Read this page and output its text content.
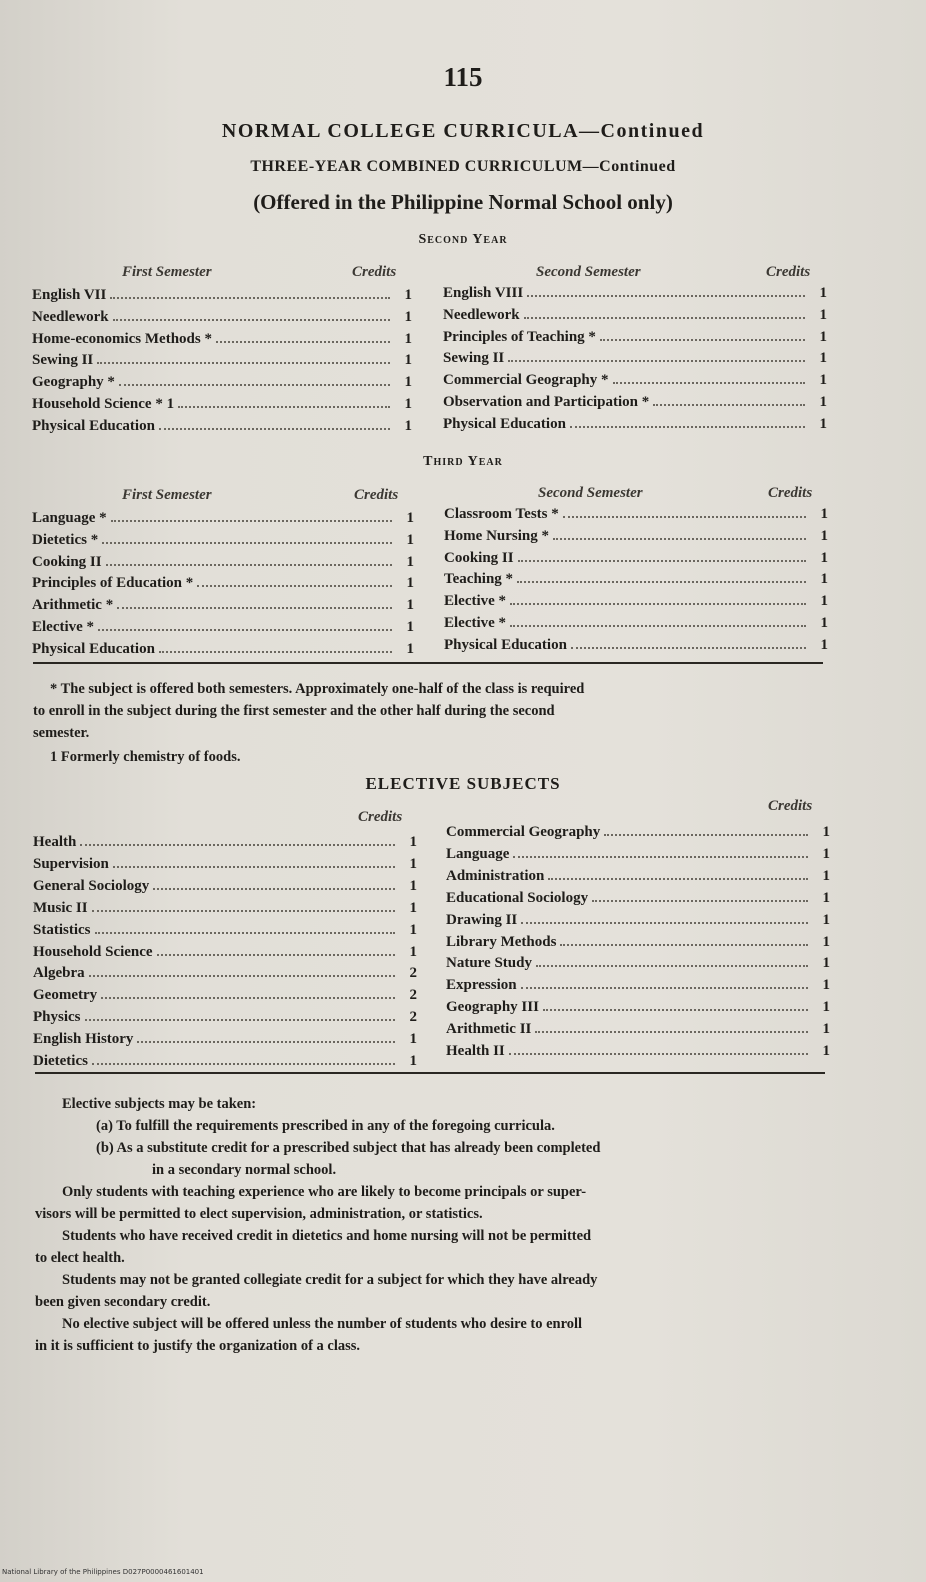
115
NORMAL COLLEGE CURRICULA—Continued
THREE-YEAR COMBINED CURRICULUM—Continued
(Offered in the Philippine Normal School only)
Second Year
First Semester	Credits	Second Semester	Credits
English VII	1
Needlework	1
Home-economics Methods *	1
Sewing II	1
Geography *	1
Household Science * 1	1
Physical Education	1
English VIII	1
Needlework	1
Principles of Teaching *	1
Sewing II	1
Commercial Geography *	1
Observation and Participation *	1
Physical Education	1
Third Year
First Semester	Credits	Second Semester	Credits
Language *	1
Dietetics *	1
Cooking II	1
Principles of Education *	1
Arithmetic *	1
Elective *	1
Physical Education	1
Classroom Tests *	1
Home Nursing *	1
Cooking II	1
Teaching *	1
Elective *	1
Elective *	1
Physical Education	1
* The subject is offered both semesters. Approximately one-half of the class is required
to enroll in the subject during the first semester and the other half during the second
semester.
1 Formerly chemistry of foods.
ELECTIVE SUBJECTS
Credits
Credits
Health	1
Supervision	1
General Sociology	1
Music II	1
Statistics	1
Household Science	1
Algebra	2
Geometry	2
Physics	2
English History	1
Dietetics	1
Commercial Geography	1
Language	1
Administration	1
Educational Sociology	1
Drawing II	1
Library Methods	1
Nature Study	1
Expression	1
Geography III	1
Arithmetic II	1
Health II	1
Elective subjects may be taken:
(a) To fulfill the requirements prescribed in any of the foregoing curricula.
(b) As a substitute credit for a prescribed subject that has already been completed
in a secondary normal school.
Only students with teaching experience who are likely to become principals or super-
visors will be permitted to elect supervision, administration, or statistics.
Students who have received credit in dietetics and home nursing will not be permitted
to elect health.
Students may not be granted collegiate credit for a subject for which they have already
been given secondary credit.
No elective subject will be offered unless the number of students who desire to enroll
in it is sufficient to justify the organization of a class.
National Library of the Philippines D027P0000461601401
